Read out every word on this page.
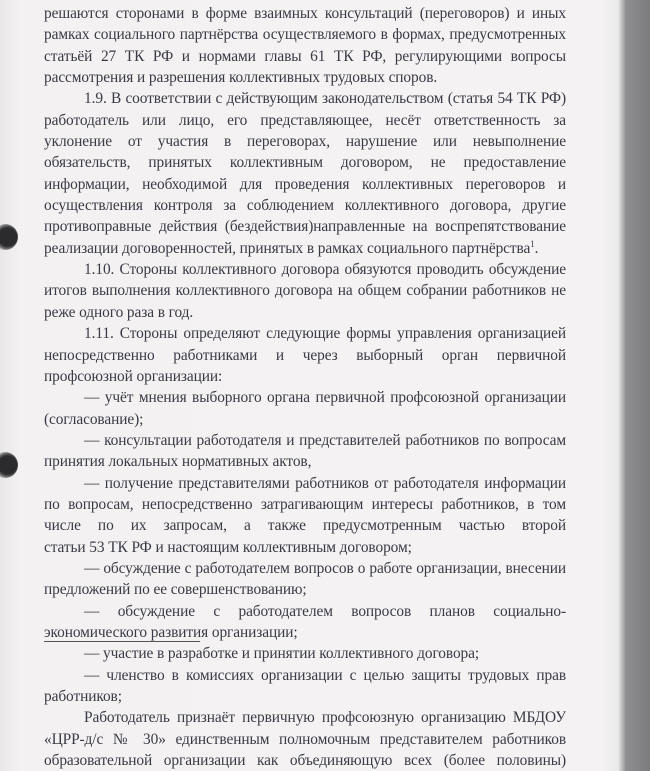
решаются сторонами в форме взаимных консультаций (переговоров) и иных
рамках социального партнёрства осуществляемого в формах, предусмотренных
статьёй 27 ТК РФ и нормами главы 61 ТК РФ, регулирующими вопросы
рассмотрения и разрешения коллективных трудовых споров.
1.9. В соответствии с действующим законодательством (статья 54 ТК РФ)
работодатель или лицо, его представляющее, несёт ответственность за
уклонение от участия в переговорах, нарушение или невыполнение
обязательств, принятых коллективным договором, не предоставление
информации, необходимой для проведения коллективных переговоров и
осуществления контроля за соблюдением коллективного договора, другие
противоправные действия (бездействия)направленные на воспрепятствование
реализации договоренностей, принятых в рамках социального партнёрства$^1$.
1.10. Стороны коллективного договора обязуются проводить обсуждение
итогов выполнения коллективного договора на общем собрании работников не
реже одного раза в год.
1.11. Стороны определяют следующие формы управления организацией
непосредственно работниками и через выборный орган первичной
профсоюзной организации:
— учёт мнения выборного органа первичной профсоюзной организации
(согласование);
— консультации работодателя и представителей работников по вопросам
принятия локальных нормативных актов,
— получение представителями работников от работодателя информации
по вопросам, непосредственно затрагивающим интересы работников, в том
числе по их запросам, а также предусмотренным частью второй
статьи 53 ТК РФ и настоящим коллективным договором;
— обсуждение с работодателем вопросов о работе организации, внесении
предложений по ее совершенствованию;
— обсуждение с работодателем вопросов планов социально-
экономического развития организации;
— участие в разработке и принятии коллективного договора;
— членство в комиссиях организации с целью защиты трудовых прав
работников;
Работодатель признаёт первичную профсоюзную организацию МБДОУ
«ЦРР-д/с № 30» единственным полномочным представителем работников
образовательной организации как объединяющую всех (более половины)
